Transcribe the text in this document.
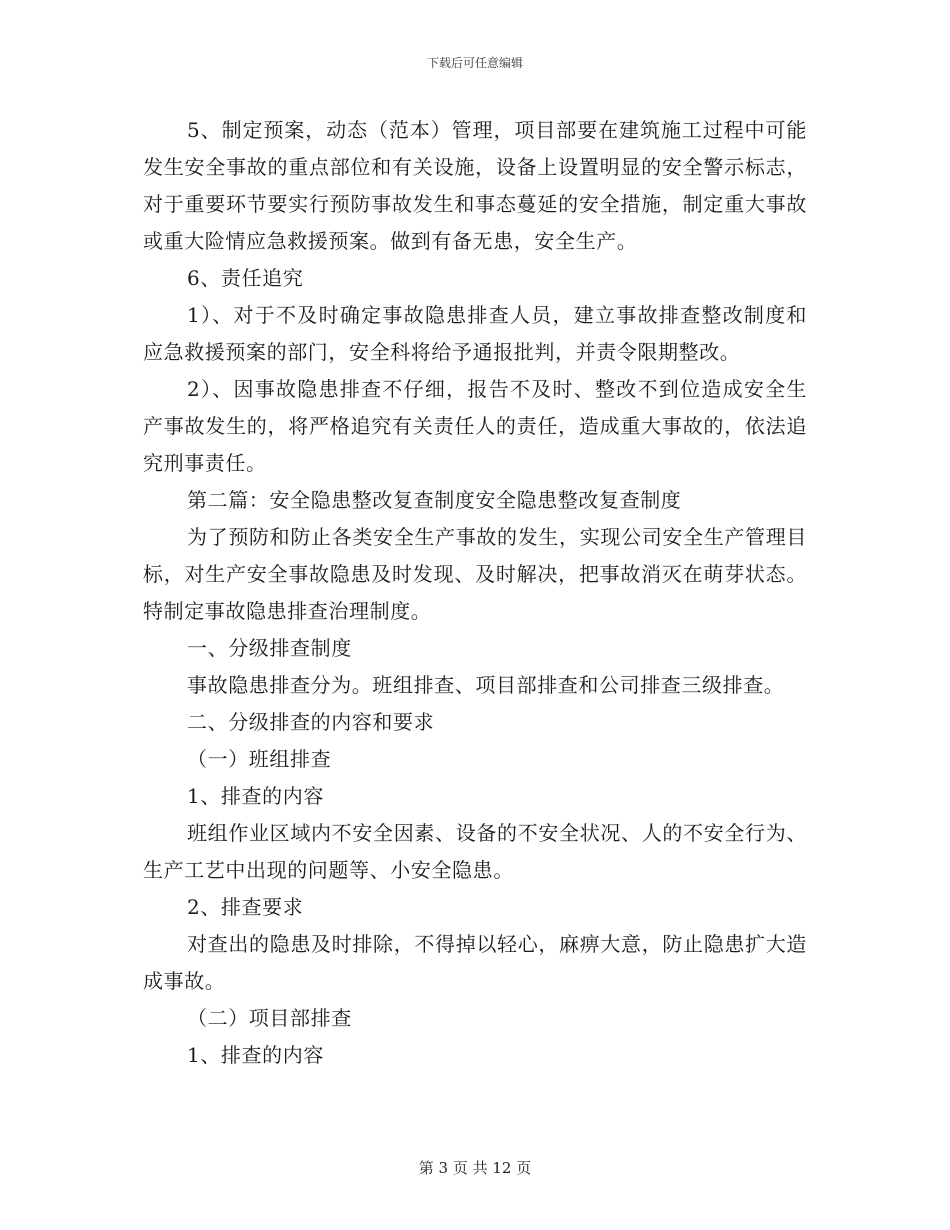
下载后可任意编辑

5、制定预案，动态（范本）管理，项目部要在建筑施工过程中可能发生安全事故的重点部位和有关设施，设备上设置明显的安全警示标志，对于重要环节要实行预防事故发生和事态蔓延的安全措施，制定重大事故或重大险情应急救援预案。做到有备无患，安全生产。

6、责任追究

1）、对于不及时确定事故隐患排查人员，建立事故排查整改制度和应急救援预案的部门，安全科将给予通报批判，并责令限期整改。

2）、因事故隐患排查不仔细，报告不及时、整改不到位造成安全生产事故发生的，将严格追究有关责任人的责任，造成重大事故的，依法追究刑事责任。

第二篇：安全隐患整改复查制度安全隐患整改复查制度

为了预防和防止各类安全生产事故的发生，实现公司安全生产管理目标，对生产安全事故隐患及时发现、及时解决，把事故消灭在萌芽状态。特制定事故隐患排查治理制度。

一、分级排查制度

事故隐患排查分为。班组排查、项目部排查和公司排查三级排查。

二、分级排查的内容和要求

（一）班组排查

1、排查的内容

班组作业区域内不安全因素、设备的不安全状况、人的不安全行为、生产工艺中出现的问题等、小安全隐患。

2、排查要求

对查出的隐患及时排除，不得掉以轻心，麻痹大意，防止隐患扩大造成事故。

（二）项目部排查

1、排查的内容

第 3 页 共 12 页
